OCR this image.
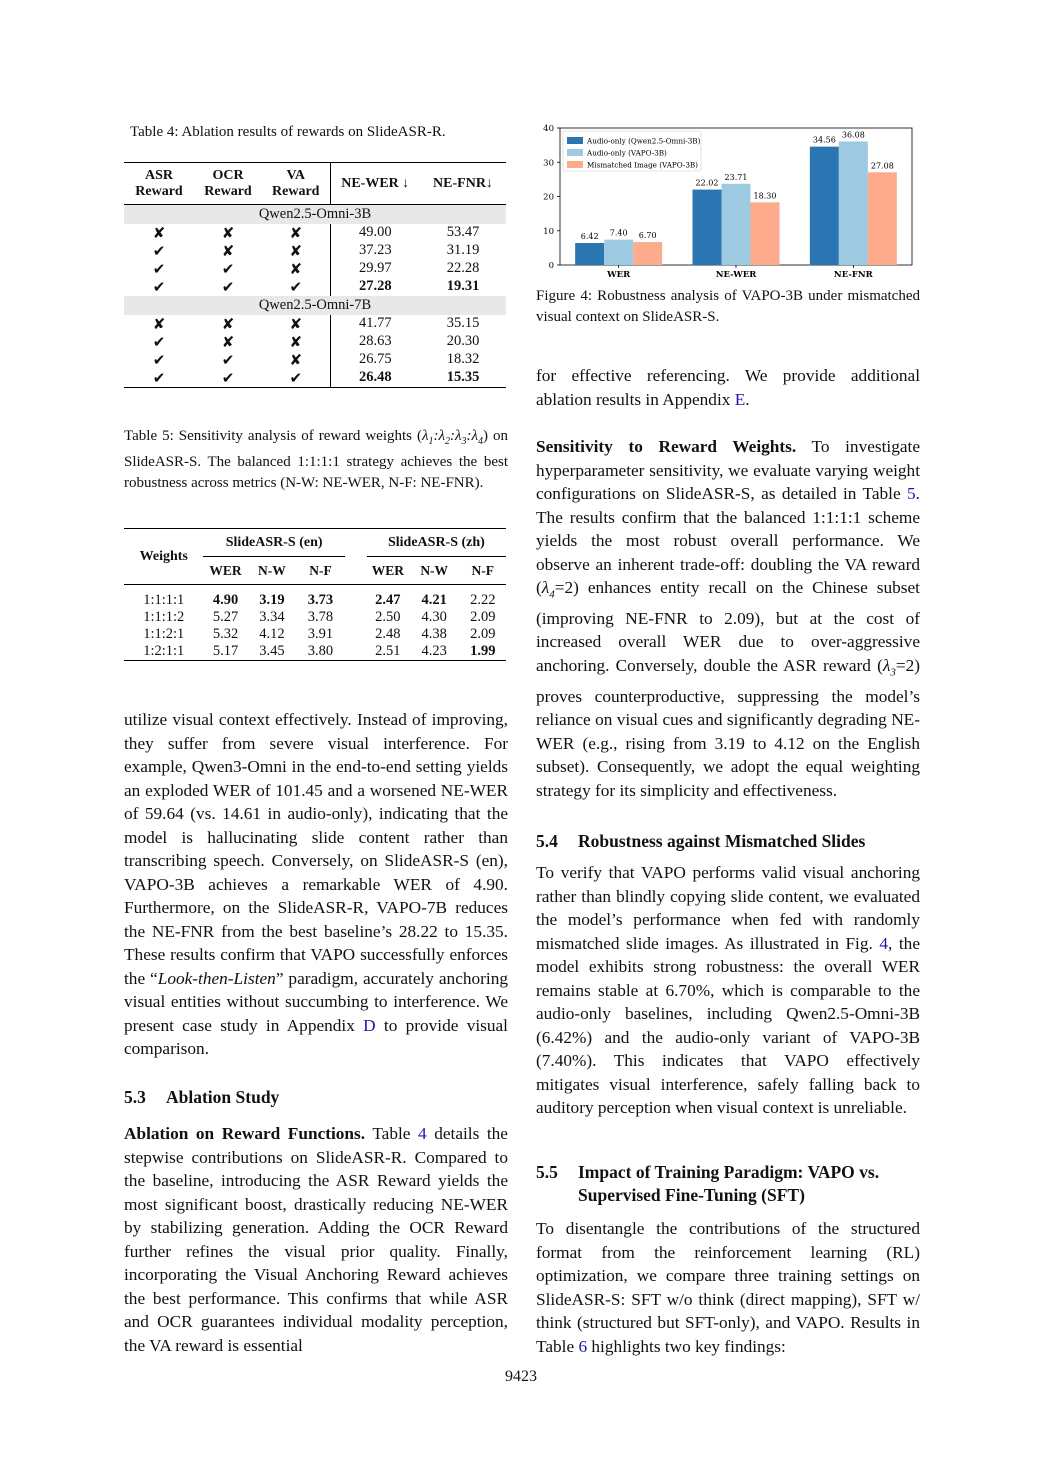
Table 4: Ablation results of rewards on SlideASR-R.
ASR
Reward	OCR
Reward	VA
Reward	NE-WER ↓	NE-FNR↓
Qwen2.5-Omni-3B				
✘	✘	✘	49.00	53.47
✔	✘	✘	37.23	31.19
✔	✔	✘	29.97	22.28
✔	✔	✔	27.28	19.31
Qwen2.5-Omni-7B				
✘	✘	✘	41.77	35.15
✔	✘	✘	28.63	20.30
✔	✔	✘	26.75	18.32
✔	✔	✔	26.48	15.35
Table 5: Sensitivity analysis of reward weights $(\lambda_1:\lambda_2:\lambda_3:\lambda_4)$ on SlideASR-S. The balanced 1:1:1:1 strategy achieves the best robustness across metrics (N-W: NE-WER, N-F: NE-FNR).
Weights	SlideASR-S (en)				SlideASR-S (zh)		
	WER	N-W	N-F		WER	N-W	N-F
1:1:1:1	4.90	3.19	3.73		2.47	4.21	2.22
1:1:1:2	5.27	3.34	3.78		2.50	4.30	2.09
1:1:2:1	5.32	4.12	3.91		2.48	4.38	2.09
1:2:1:1	5.17	3.45	3.80		2.51	4.23	1.99

utilize visual context effectively. Instead of improving, they suffer from severe visual interference. For example, Qwen3-Omni in the end-to-end setting yields an exploded WER of 101.45 and a worsened NE-WER of 59.64 (vs. 14.61 in audio-only), indicating that the model is hallucinating slide content rather than transcribing speech. Conversely, on SlideASR-S (en), VAPO-3B achieves a remarkable WER of 4.90. Furthermore, on the SlideASR-R, VAPO-7B reduces the NE-FNR from the best baseline’s 28.22 to 15.35. These results confirm that VAPO successfully enforces the “Look-then-Listen” paradigm, accurately anchoring visual entities without succumbing to interference. We present case study in Appendix D to provide visual comparison.

5.3 Ablation Study

Ablation on Reward Functions. Table 4 details the stepwise contributions on SlideASR-R. Compared to the baseline, introducing the ASR Reward yields the most significant boost, drastically reducing NE-WER by stabilizing generation. Adding the OCR Reward further refines the visual prior quality. Finally, incorporating the Visual Anchoring Reward achieves the best performance. This confirms that while ASR and OCR guarantees individual modality perception, the VA reward is essential

0
10
20
30
40
6.42 7.40 6.70
WER
22.02
23.71
18.30
NE-WER
34.56
36.08
27.08
NE-FNR
Audio-only (Qwen2.5-Omni-3B)
Audio-only (VAPO-3B)
Mismatched Image (VAPO-3B)
Figure 4: Robustness analysis of VAPO-3B under mismatched visual context on SlideASR-S.

for effective referencing. We provide additional ablation results in Appendix E.

Sensitivity to Reward Weights. To investigate hyperparameter sensitivity, we evaluate varying weight configurations on SlideASR-S, as detailed in Table 5. The results confirm that the balanced 1:1:1:1 scheme yields the most robust overall performance. We observe an inherent trade-off: doubling the VA reward $(\lambda_4=2)$ enhances entity recall on the Chinese subset (improving NE-FNR to 2.09), but at the cost of increased overall WER due to over-aggressive anchoring. Conversely, double the ASR reward $(\lambda_3=2)$ proves counterproductive, suppressing the model’s reliance on visual cues and significantly degrading NE-WER (e.g., rising from 3.19 to 4.12 on the English subset). Consequently, we adopt the equal weighting strategy for its simplicity and effectiveness.

5.4 Robustness against Mismatched Slides

To verify that VAPO performs valid visual anchoring rather than blindly copying slide content, we evaluated the model’s performance when fed with randomly mismatched slide images. As illustrated in Fig. 4, the model exhibits strong robustness: the overall WER remains stable at 6.70%, which is comparable to the audio-only baselines, including Qwen2.5-Omni-3B (6.42%) and the audio-only variant of VAPO-3B (7.40%). This indicates that VAPO effectively mitigates visual interference, safely falling back to auditory perception when visual context is unreliable.

5.5 Impact of Training Paradigm: VAPO vs.
Supervised Fine-Tuning (SFT)

To disentangle the contributions of the structured format from the reinforcement learning (RL) optimization, we compare three training settings on SlideASR-S: SFT w/o think (direct mapping), SFT w/ think (structured but SFT-only), and VAPO. Results in Table 6 highlights two key findings:

9423
